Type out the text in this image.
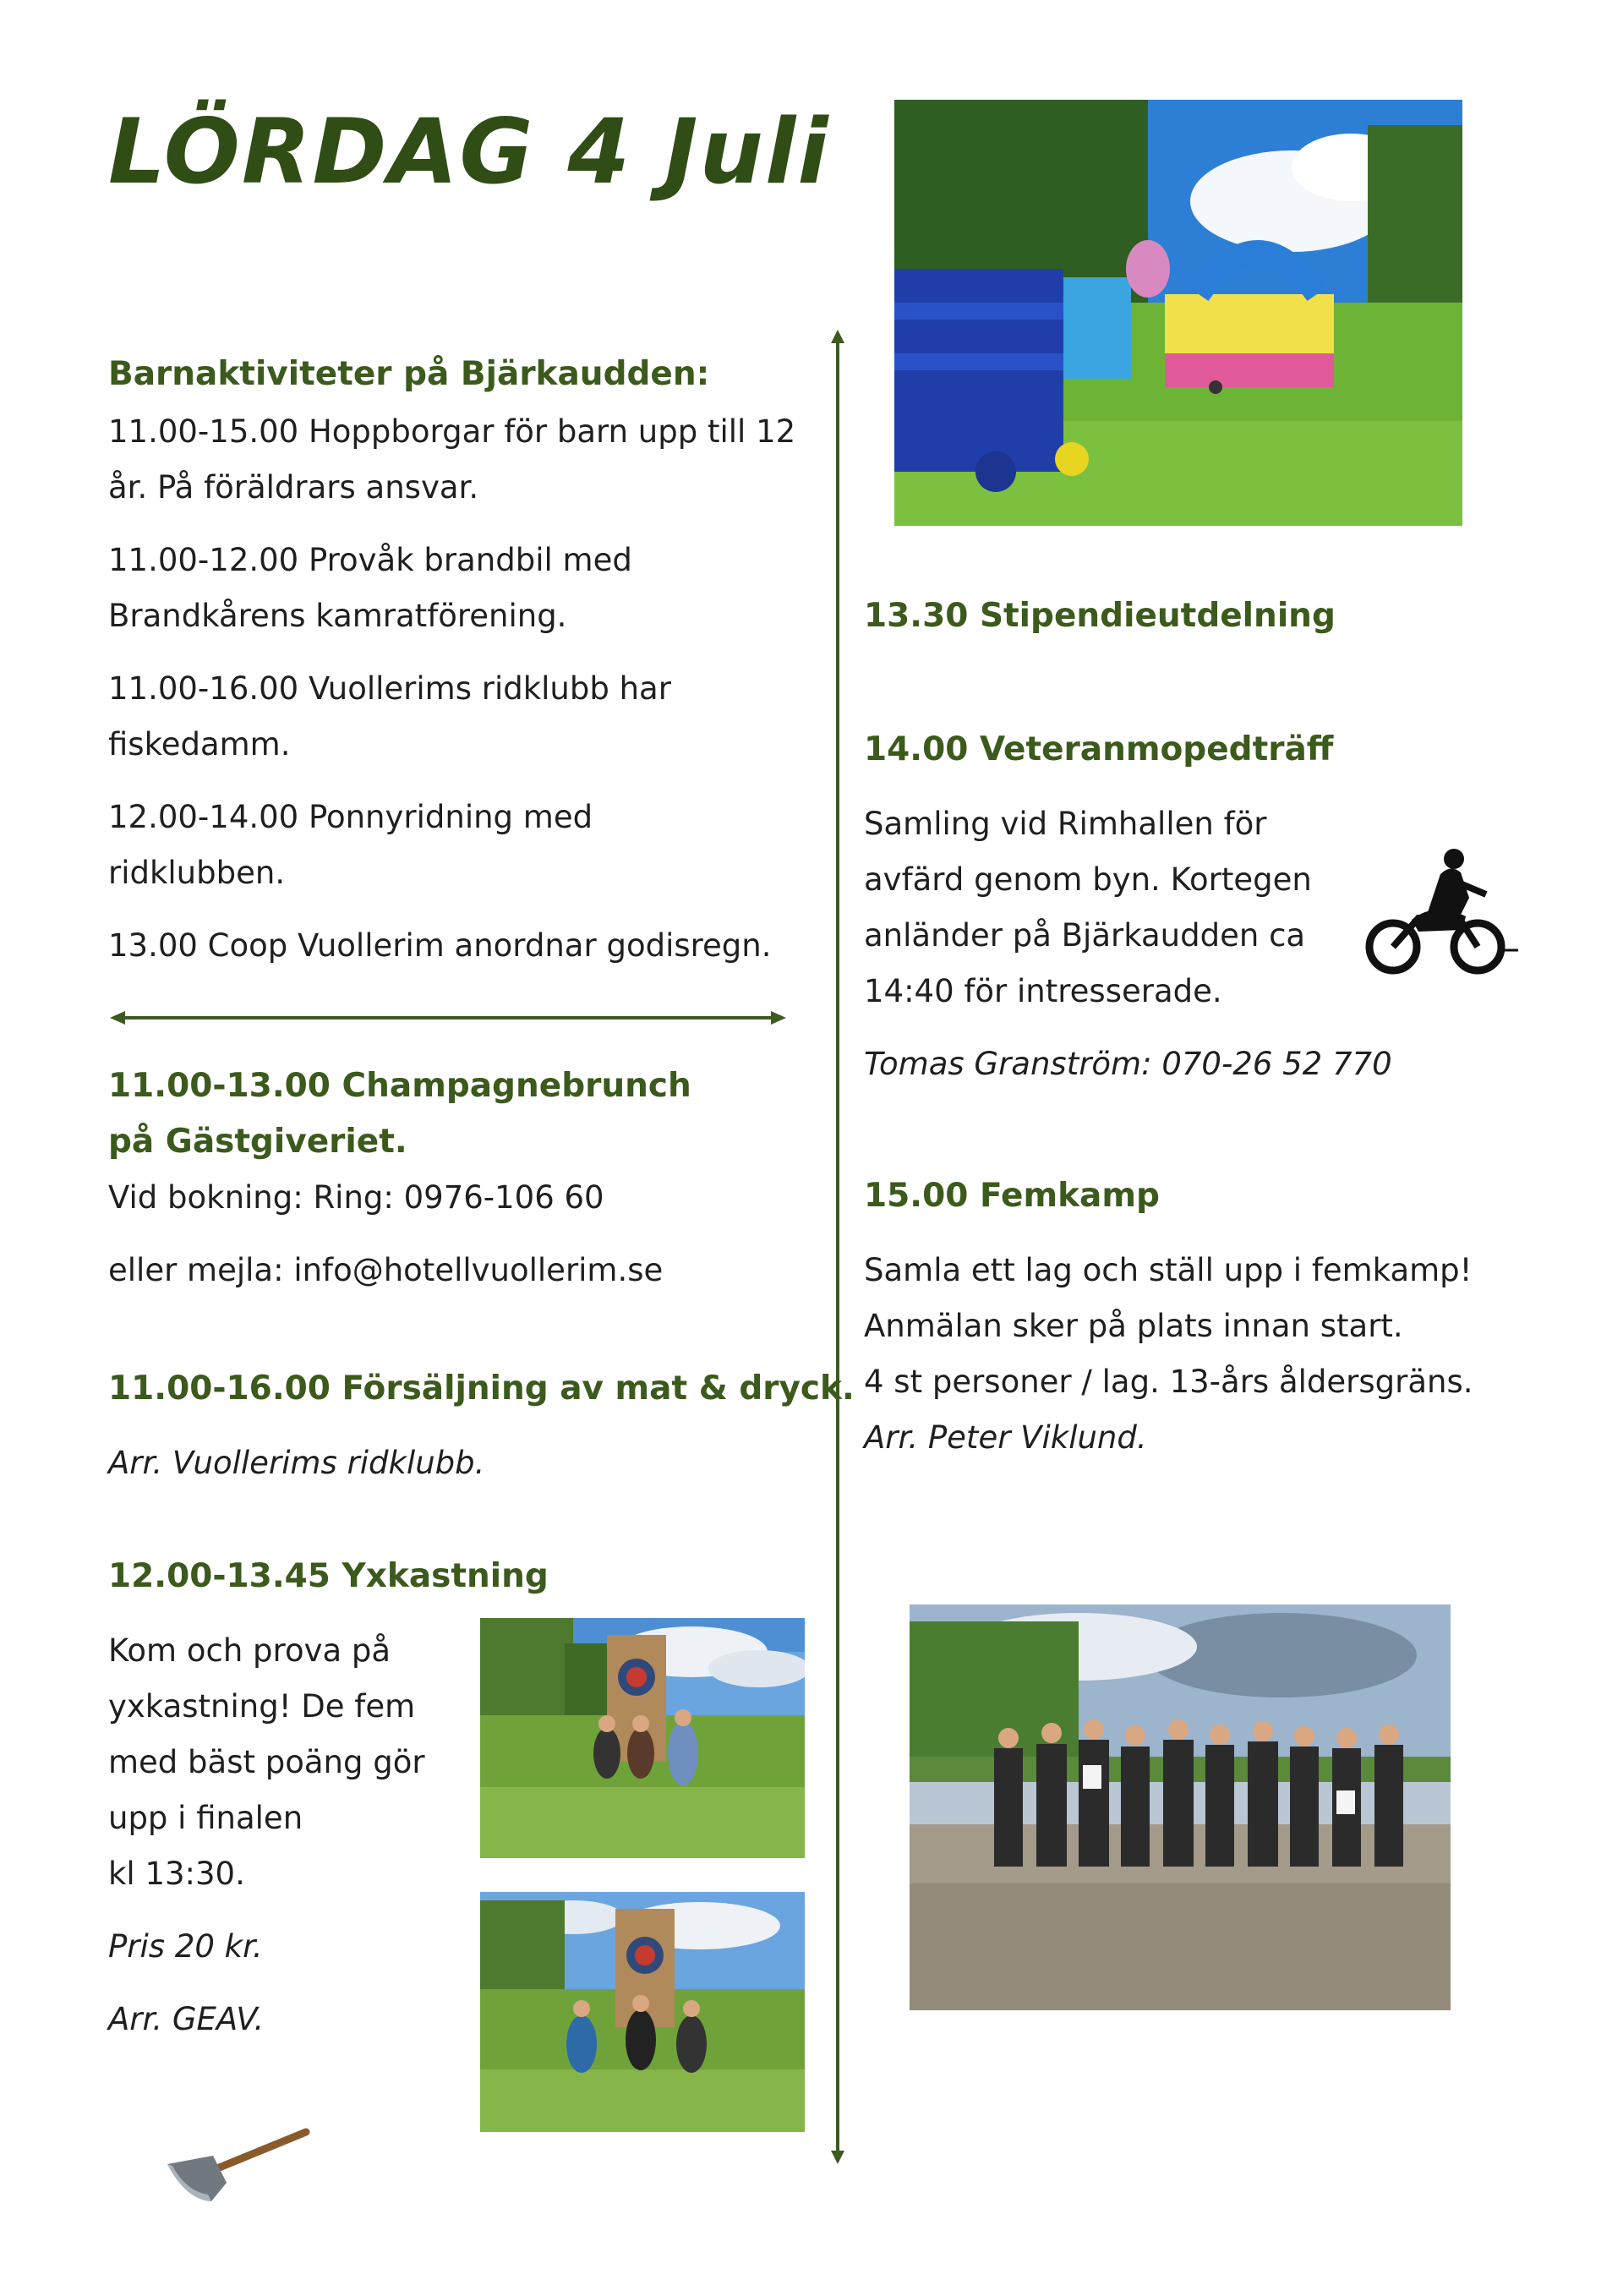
LÖRDAG 4 Juli
Barnaktiviteter på Bjärkaudden:
11.00-15.00 Hoppborgar för barn upp till 12
år. På föräldrars ansvar.
11.00-12.00 Provåk brandbil med
Brandkårens kamratförening.
11.00-16.00 Vuollerims ridklubb har
fiskedamm.
12.00-14.00 Ponnyridning med
ridklubben.
13.00 Coop Vuollerim anordnar godisregn.
11.00-13.00 Champagnebrunch
på Gästgiveriet.
Vid bokning: Ring: 0976-106 60
eller mejla: info@hotellvuollerim.se
11.00-16.00 Försäljning av mat & dryck.
Arr. Vuollerims ridklubb.
12.00-13.45 Yxkastning
Kom och prova på
yxkastning! De fem
med bäst poäng gör
upp i finalen
kl 13:30.
Pris 20 kr.
Arr. GEAV.
13.30 Stipendieutdelning
14.00 Veteranmopedträff
Samling vid Rimhallen för
avfärd genom byn. Kortegen
anländer på Bjärkaudden ca
14:40 för intresserade.
Tomas Granström: 070-26 52 770
15.00 Femkamp
Samla ett lag och ställ upp i femkamp!
Anmälan sker på plats innan start.
4 st personer / lag. 13-års åldersgräns.
Arr. Peter Viklund.
